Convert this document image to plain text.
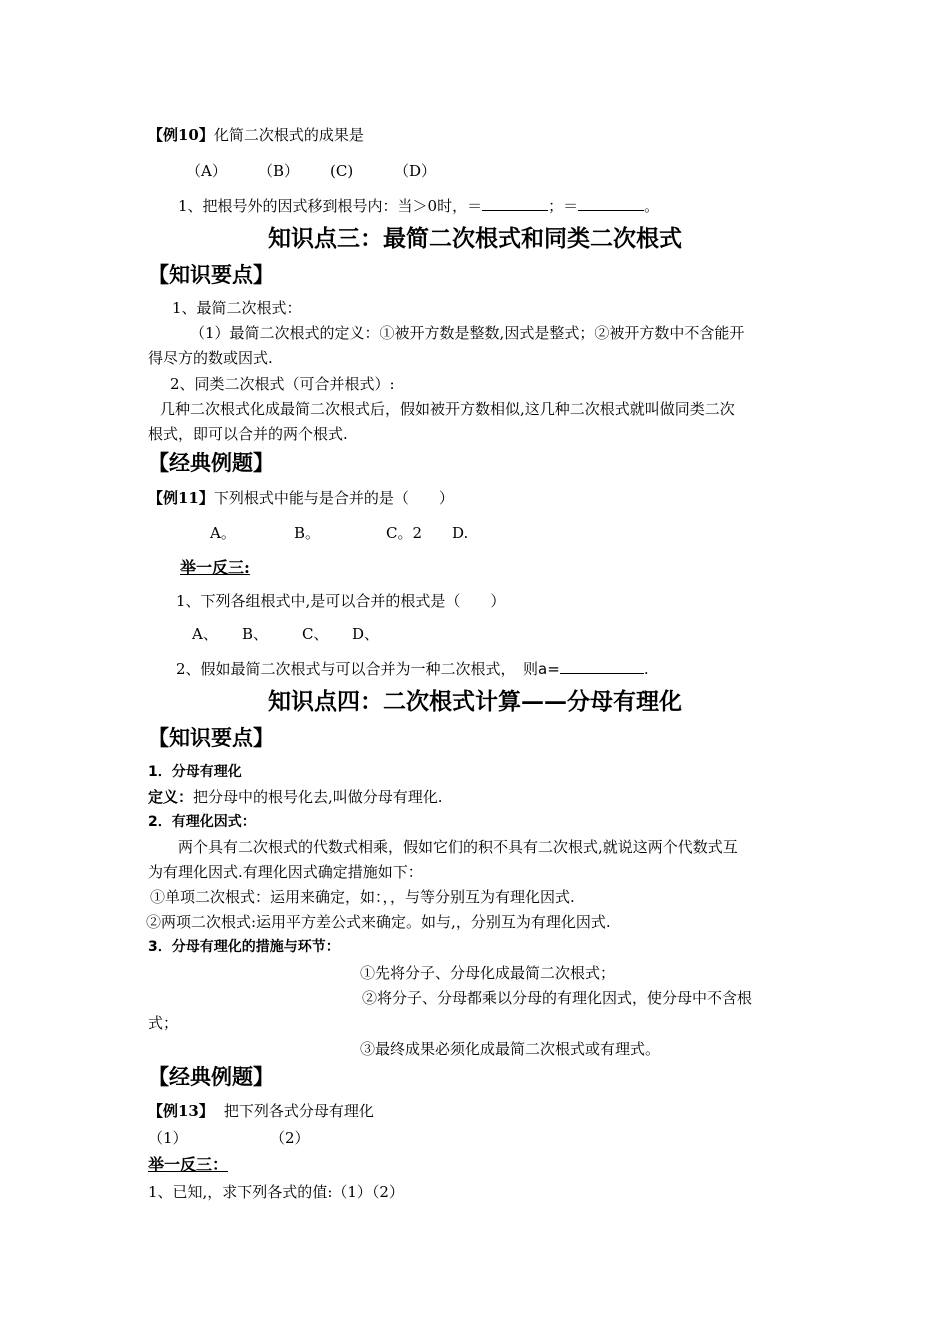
【例10】化简二次根式的成果是
（A） （B） (C)	（D）
1、把根号外的因式移到根号内：当＞0时，＝	；＝	。
知识点三：最简二次根式和同类二次根式
【知识要点】
1、最简二次根式：
（1）最简二次根式的定义：①被开方数是整数,因式是整式；②被开方数中不含能开
得尽方的数或因式.
2、同类二次根式（可合并根式）:
几种二次根式化成最简二次根式后，假如被开方数相似,这几种二次根式就叫做同类二次
根式，即可以合并的两个根式.
【经典例题】
【例11】下列根式中能与是合并的是（　　）
A。	B。	C。2 D.
举一反三:
1、下列各组根式中,是可以合并的根式是（　　）
A、 B、 C、 D、
2、假如最简二次根式与可以合并为一种二次根式，　则a=	.
知识点四：二次根式计算——分母有理化
【知识要点】
1．分母有理化
定义：把分母中的根号化去,叫做分母有理化.
2．有理化因式：
两个具有二次根式的代数式相乘，假如它们的积不具有二次根式,就说这两个代数式互
为有理化因式.有理化因式确定措施如下：
①单项二次根式：运用来确定，如：，，与等分别互为有理化因式.
②两项二次根式:运用平方差公式来确定。如与,，分别互为有理化因式.
3．分母有理化的措施与环节：
①先将分子、分母化成最简二次根式；
②将分子、分母都乘以分母的有理化因式，使分母中不含根
式；
③最终成果必须化成最简二次根式或有理式。
【经典例题】
【例13】 把下列各式分母有理化
（1）	（2）
举一反三：
1、已知,，求下列各式的值:（1）（2）
